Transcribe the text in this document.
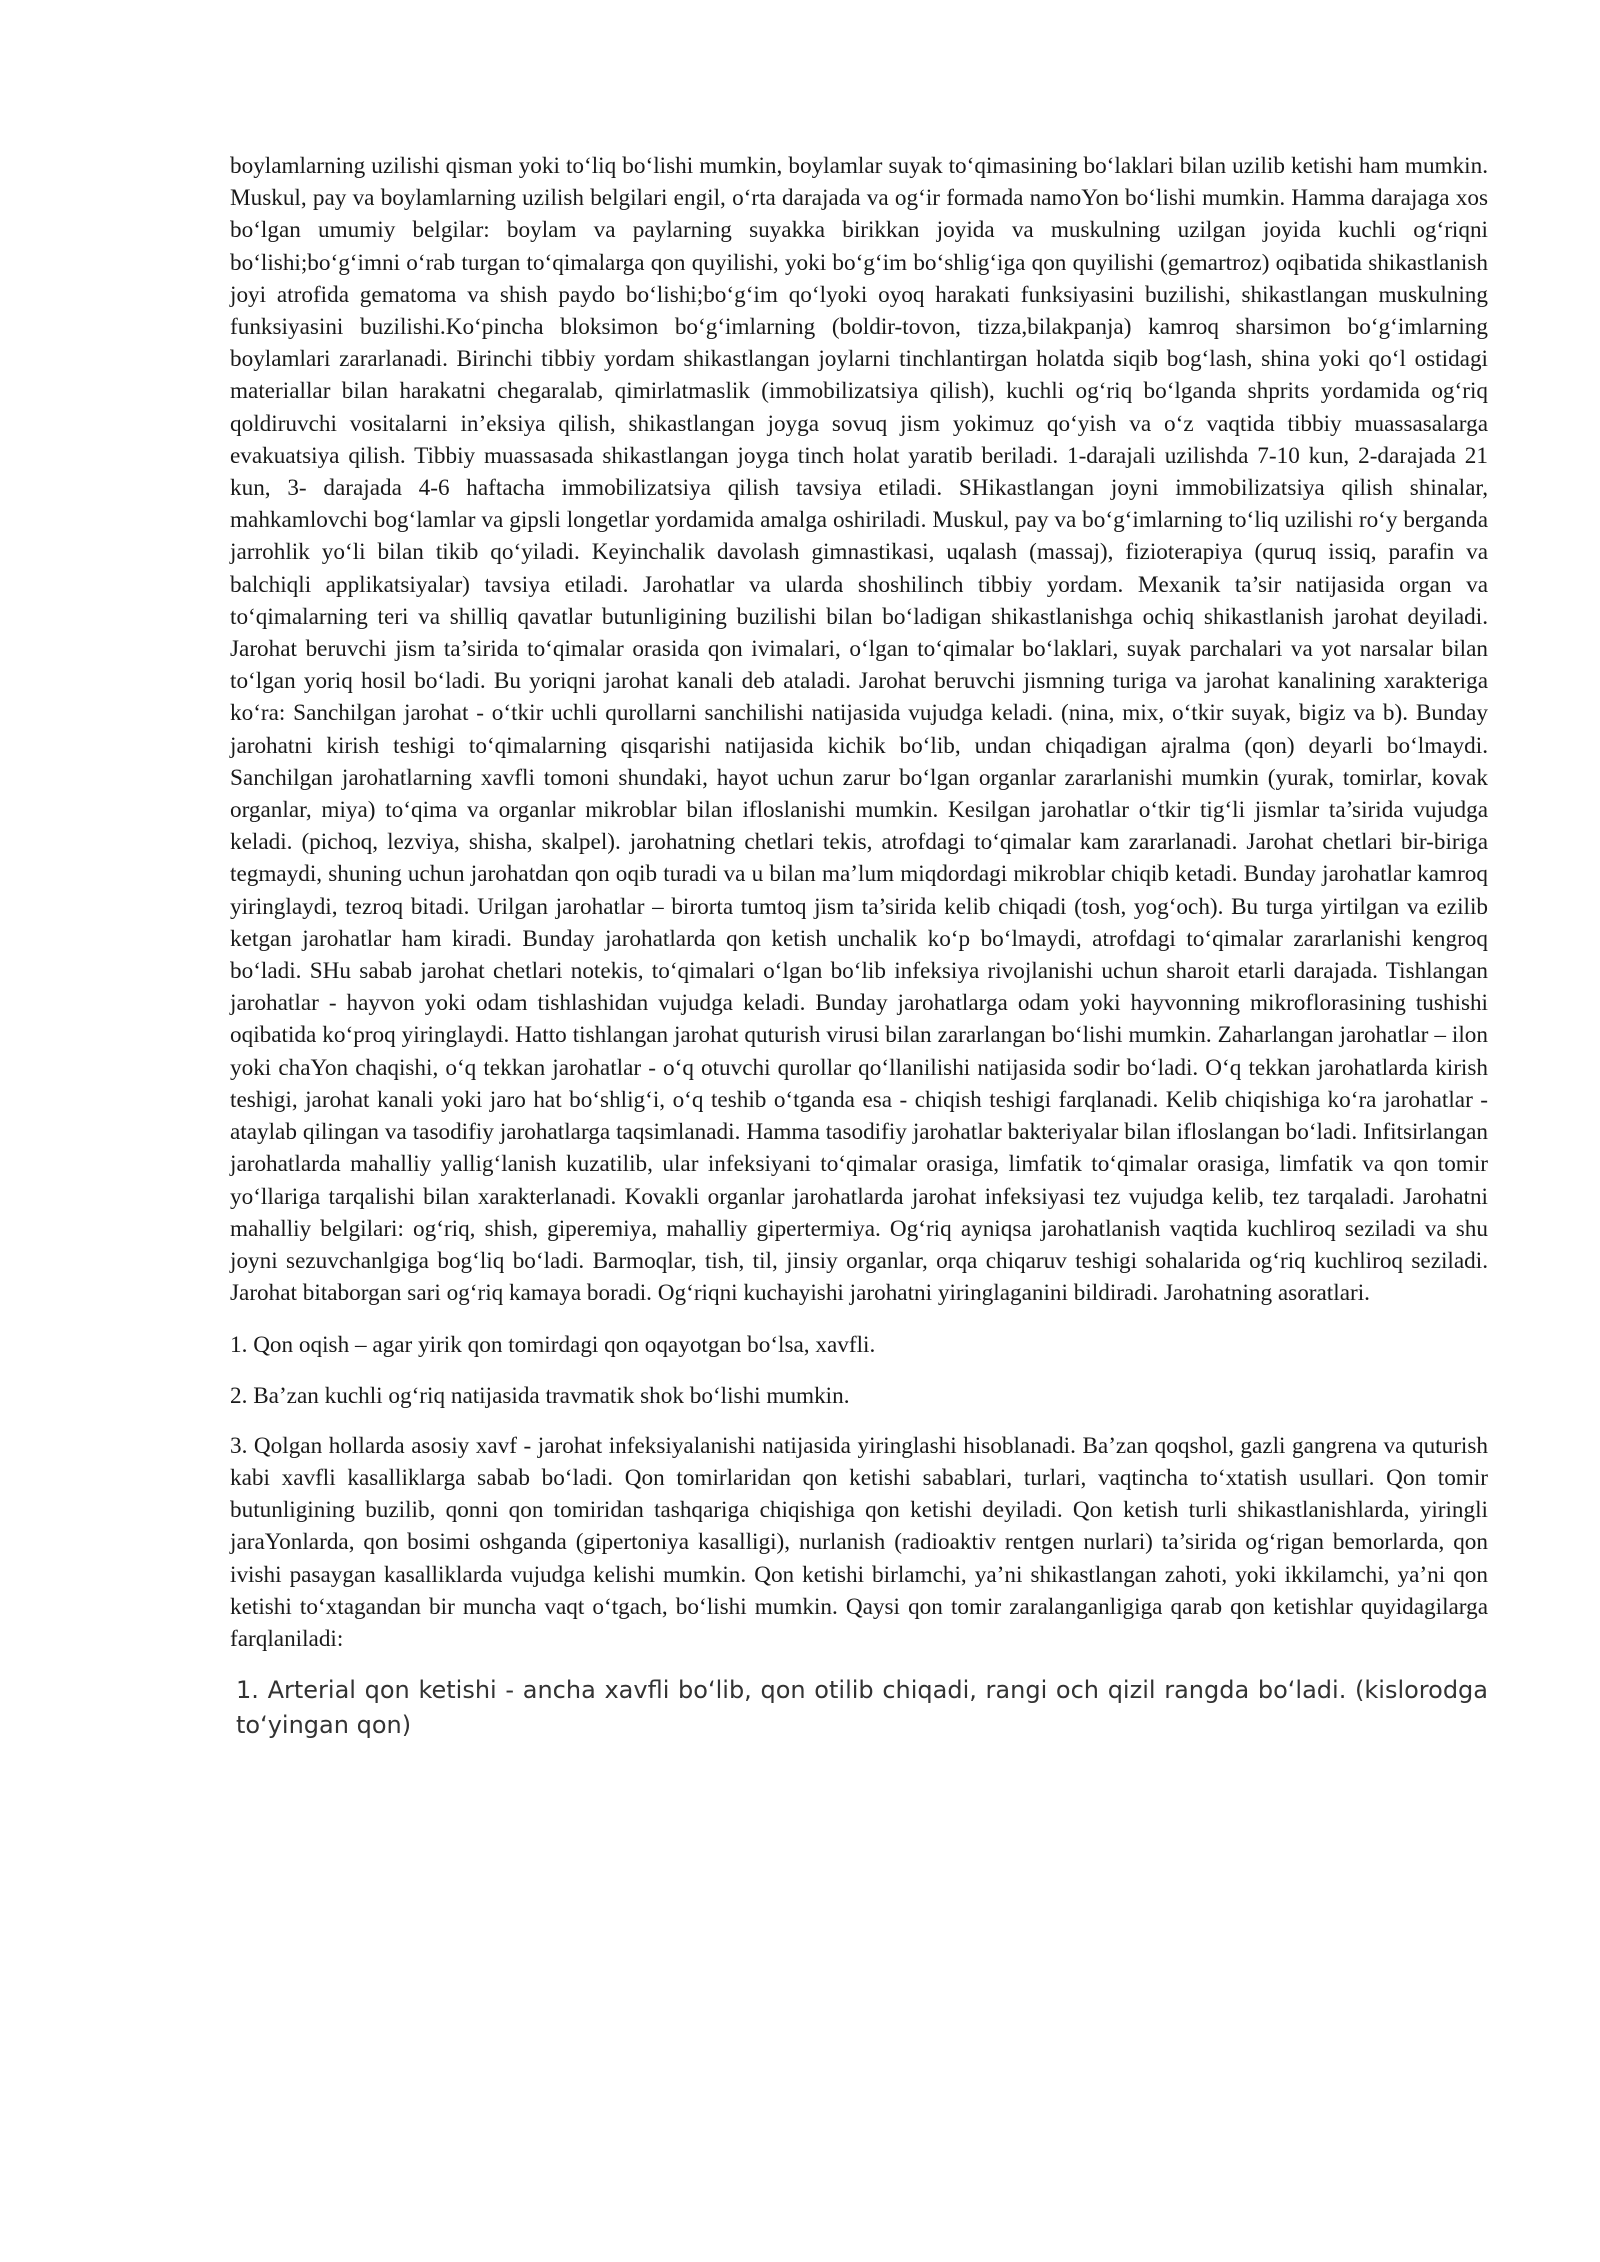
boylamlarning uzilishi qisman yoki to‘liq bo‘lishi mumkin, boylamlar suyak to‘qimasining bo‘laklari bilan uzilib ketishi ham mumkin. Muskul, pay va boylamlarning uzilish belgilari engil, o‘rta darajada va og‘ir formada namoYon bo‘lishi mumkin. Hamma darajaga xos bo‘lgan umumiy belgilar: boylam va paylarning suyakka birikkan joyida va muskulning uzilgan joyida kuchli og‘riqni bo‘lishi;bo‘g‘imni o‘rab turgan to‘qimalarga qon quyilishi, yoki bo‘g‘im bo‘shlig‘iga qon quyilishi (gemartroz) oqibatida shikastlanish joyi atrofida gematoma va shish paydo bo‘lishi;bo‘g‘im qo‘lyoki oyoq harakati funksiyasini buzilishi, shikastlangan muskulning funksiyasini buzilishi.Ko‘pincha bloksimon bo‘g‘imlarning (boldir-tovon, tizza,bilakpanja) kamroq sharsimon bo‘g‘imlarning boylamlari zararlanadi. Birinchi tibbiy yordam shikastlangan joylarni tinchlantirgan holatda siqib bog‘lash, shina yoki qo‘l ostidagi materiallar bilan harakatni chegaralab, qimirlatmaslik (immobilizatsiya qilish), kuchli og‘riq bo‘lganda shprits yordamida og‘riq qoldiruvchi vositalarni in’eksiya qilish, shikastlangan joyga sovuq jism yokimuz qo‘yish va o‘z vaqtida tibbiy muassasalarga evakuatsiya qilish. Tibbiy muassasada shikastlangan joyga tinch holat yaratib beriladi. 1-darajali uzilishda 7-10 kun, 2-darajada 21 kun, 3- darajada 4-6 haftacha immobilizatsiya qilish tavsiya etiladi. SHikastlangan joyni immobilizatsiya qilish shinalar, mahkamlovchi bog‘lamlar va gipsli longetlar yordamida amalga oshiriladi. Muskul, pay va bo‘g‘imlarning to‘liq uzilishi ro‘y berganda jarrohlik yo‘li bilan tikib qo‘yiladi. Keyinchalik davolash gimnastikasi, uqalash (massaj), fizioterapiya (quruq issiq, parafin va balchiqli applikatsiyalar) tavsiya etiladi. Jarohatlar va ularda shoshilinch tibbiy yordam. Mexanik ta’sir natijasida organ va to‘qimalarning teri va shilliq qavatlar butunligining buzilishi bilan bo‘ladigan shikastlanishga ochiq shikastlanish jarohat deyiladi. Jarohat beruvchi jism ta’sirida to‘qimalar orasida qon ivimalari, o‘lgan to‘qimalar bo‘laklari, suyak parchalari va yot narsalar bilan to‘lgan yoriq hosil bo‘ladi. Bu yoriqni jarohat kanali deb ataladi. Jarohat beruvchi jismning turiga va jarohat kanalining xarakteriga ko‘ra: Sanchilgan jarohat - o‘tkir uchli qurollarni sanchilishi natijasida vujudga keladi. (nina, mix, o‘tkir suyak, bigiz va b). Bunday jarohatni kirish teshigi to‘qimalarning qisqarishi natijasida kichik bo‘lib, undan chiqadigan ajralma (qon) deyarli bo‘lmaydi. Sanchilgan jarohatlarning xavfli tomoni shundaki, hayot uchun zarur bo‘lgan organlar zararlanishi mumkin (yurak, tomirlar, kovak organlar, miya) to‘qima va organlar mikroblar bilan ifloslanishi mumkin. Kesilgan jarohatlar o‘tkir tig‘li jismlar ta’sirida vujudga keladi. (pichoq, lezviya, shisha, skalpel). jarohatning chetlari tekis, atrofdagi to‘qimalar kam zararlanadi. Jarohat chetlari bir-biriga tegmaydi, shuning uchun jarohatdan qon oqib turadi va u bilan ma’lum miqdordagi mikroblar chiqib ketadi. Bunday jarohatlar kamroq yiringlaydi, tezroq bitadi. Urilgan jarohatlar – birorta tumtoq jism ta’sirida kelib chiqadi (tosh, yog‘och). Bu turga yirtilgan va ezilib ketgan jarohatlar ham kiradi. Bunday jarohatlarda qon ketish unchalik ko‘p bo‘lmaydi, atrofdagi to‘qimalar zararlanishi kengroq bo‘ladi. SHu sabab jarohat chetlari notekis, to‘qimalari o‘lgan bo‘lib infeksiya rivojlanishi uchun sharoit etarli darajada. Tishlangan jarohatlar - hayvon yoki odam tishlashidan vujudga keladi. Bunday jarohatlarga odam yoki hayvonning mikroflorasining tushishi oqibatida ko‘proq yiringlaydi. Hatto tishlangan jarohat quturish virusi bilan zararlangan bo‘lishi mumkin. Zaharlangan jarohatlar – ilon yoki chaYon chaqishi, o‘q tekkan jarohatlar - o‘q otuvchi qurollar qo‘llanilishi natijasida sodir bo‘ladi. O‘q tekkan jarohatlarda kirish teshigi, jarohat kanali yoki jaro hat bo‘shlig‘i, o‘q teshib o‘tganda esa - chiqish teshigi farqlanadi. Kelib chiqishiga ko‘ra jarohatlar - ataylab qilingan va tasodifiy jarohatlarga taqsimlanadi. Hamma tasodifiy jarohatlar bakteriyalar bilan ifloslangan bo‘ladi. Infitsirlangan jarohatlarda mahalliy yallig‘lanish kuzatilib, ular infeksiyani to‘qimalar orasiga, limfatik to‘qimalar orasiga, limfatik va qon tomir yo‘llariga tarqalishi bilan xarakterlanadi. Kovakli organlar jarohatlarda jarohat infeksiyasi tez vujudga kelib, tez tarqaladi. Jarohatni mahalliy belgilari: og‘riq, shish, giperemiya, mahalliy gipertermiya. Og‘riq ayniqsa jarohatlanish vaqtida kuchliroq seziladi va shu joyni sezuvchanlgiga bog‘liq bo‘ladi. Barmoqlar, tish, til, jinsiy organlar, orqa chiqaruv teshigi sohalarida og‘riq kuchliroq seziladi. Jarohat bitaborgan sari og‘riq kamaya boradi. Og‘riqni kuchayishi jarohatni yiringlaganini bildiradi. Jarohatning asoratlari.

1. Qon oqish – agar yirik qon tomirdagi qon oqayotgan bo‘lsa, xavfli.

2. Ba’zan kuchli og‘riq natijasida travmatik shok bo‘lishi mumkin.

3. Qolgan hollarda asosiy xavf - jarohat infeksiyalanishi natijasida yiringlashi hisoblanadi. Ba’zan qoqshol, gazli gangrena va quturish kabi xavfli kasalliklarga sabab bo‘ladi. Qon tomirlaridan qon ketishi sabablari, turlari, vaqtincha to‘xtatish usullari. Qon tomir butunligining buzilib, qonni qon tomiridan tashqariga chiqishiga qon ketishi deyiladi. Qon ketish turli shikastlanishlarda, yiringli jaraYonlarda, qon bosimi oshganda (gipertoniya kasalligi), nurlanish (radioaktiv rentgen nurlari) ta’sirida og‘rigan bemorlarda, qon ivishi pasaygan kasalliklarda vujudga kelishi mumkin. Qon ketishi birlamchi, ya’ni shikastlangan zahoti, yoki ikkilamchi, ya’ni qon ketishi to‘xtagandan bir muncha vaqt o‘tgach, bo‘lishi mumkin. Qaysi qon tomir zaralanganligiga qarab qon ketishlar quyidagilarga farqlaniladi:

1. Arterial qon ketishi - ancha xavfli bo‘lib, qon otilib chiqadi, rangi och qizil rangda bo‘ladi. (kislorodga to‘yingan qon)
